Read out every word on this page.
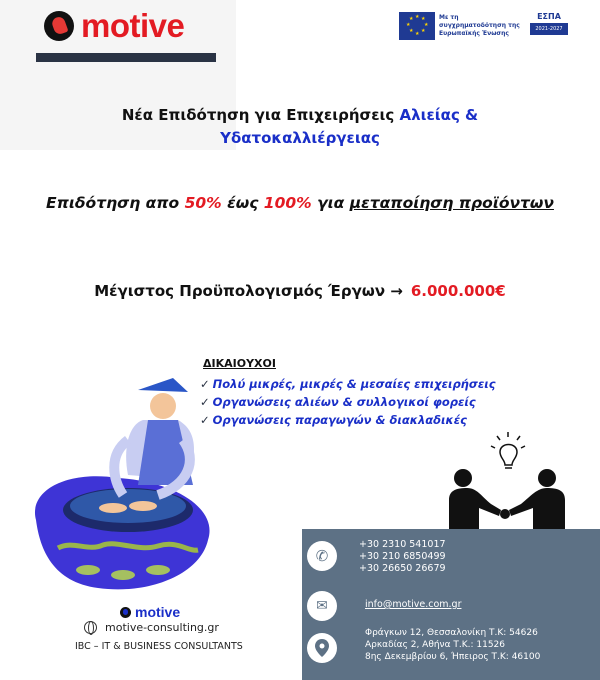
motive	★ ★
★
★
★
★
★
★	Με τη συγχρηματοδότηση της Ευρωπαϊκής Ένωσης
ΕΣΠΑ
2021-2027
Νέα Επιδότηση για Επιχειρήσεις Αλιείας & Υδατοκαλλιέργειας
Επιδότηση απο 50% έως 100% για μεταποίηση προϊόντων
Μέγιστος Προϋπολογισμός Έργων → 6.000.000€
ΔΙΚΑΙΟΥΧΟΙ
✓ Πολύ μικρές, μικρές & μεσαίες επιχειρήσεις
✓ Οργανώσεις αλιέων & συλλογικοί φορείς
✓ Οργανώσεις παραγωγών & διακλαδικές
✆
+30 2310 541017
+30 210 6850499
+30 26650 26679
✉	info@motive.com.gr
Φράγκων 12, Θεσσαλονίκη Τ.Κ: 54626
Αρκαδίας 2, Αθήνα Τ.Κ.: 11526
8ης Δεκεμβρίου 6, Ήπειρος Τ.Κ: 46100
motive
motive-consulting.gr
IBC – IT & BUSINESS CONSULTANTS
